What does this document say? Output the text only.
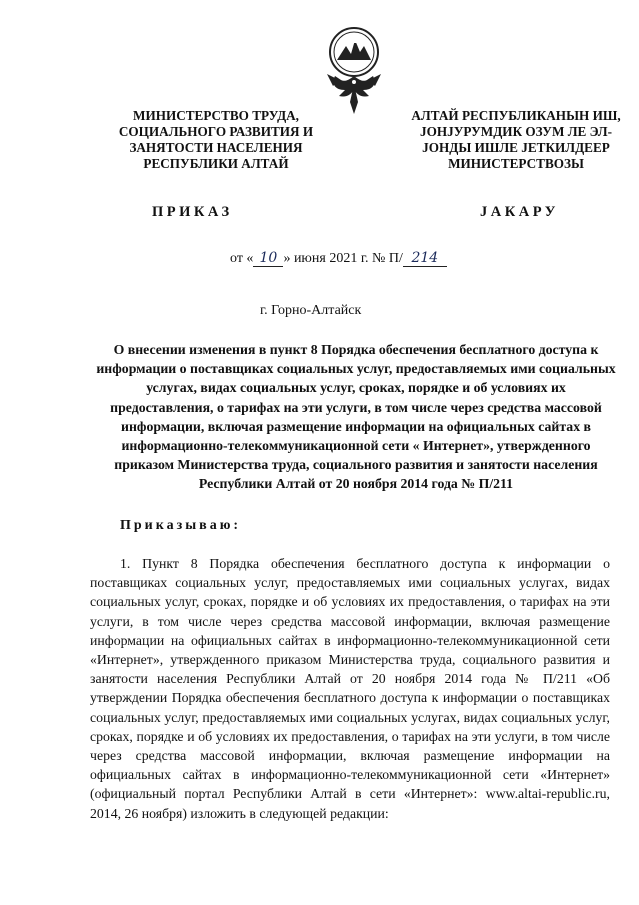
МИНИСТЕРСТВО ТРУДА, СОЦИАЛЬНОГО РАЗВИТИЯ И ЗАНЯТОСТИ НАСЕЛЕНИЯ РЕСПУБЛИКИ АЛТАЙ
АЛТАЙ РЕСПУБЛИКАНЫН ИШ, ЈОНЈУРУМДИК ОЗУМ ЛЕ ЭЛ-ЈОНДЫ ИШЛЕ ЈЕТКИЛДЕЕР МИНИСТЕРСТВОЗЫ
ПРИКАЗ	ЈАКАРУ
от « 10 » июня 2021 г. № П/ 214
г. Горно-Алтайск
О внесении изменения в пункт 8 Порядка обеспечения бесплатного доступа к информации о поставщиках социальных услуг, предоставляемых ими социальных услугах, видах социальных услуг, сроках, порядке и об условиях их предоставления, о тарифах на эти услуги, в том числе через средства массовой информации, включая размещение информации на официальных сайтах в информационно-телекоммуникационной сети « Интернет», утвержденного приказом Министерства труда, социального развития и занятости населения Республики Алтай от 20 ноября 2014 года № П/211
Приказываю:
1. Пункт 8 Порядка обеспечения бесплатного доступа к информации о поставщиках социальных услуг, предоставляемых ими социальных услугах, видах социальных услуг, сроках, порядке и об условиях их предоставления, о тарифах на эти услуги, в том числе через средства массовой информации, включая размещение информации на официальных сайтах в информационно-телекоммуникационной сети «Интернет», утвержденного приказом Министерства труда, социального развития и занятости населения Республики Алтай от 20 ноября 2014 года № П/211 «Об утверждении Порядка обеспечения бесплатного доступа к информации о поставщиках социальных услуг, предоставляемых ими социальных услугах, видах социальных услуг, сроках, порядке и об условиях их предоставления, о тарифах на эти услуги, в том числе через средства массовой информации, включая размещение информации на официальных сайтах в информационно-телекоммуникационной сети «Интернет» (официальный портал Республики Алтай в сети «Интернет»: www.altai-republic.ru, 2014, 26 ноября) изложить в следующей редакции:
